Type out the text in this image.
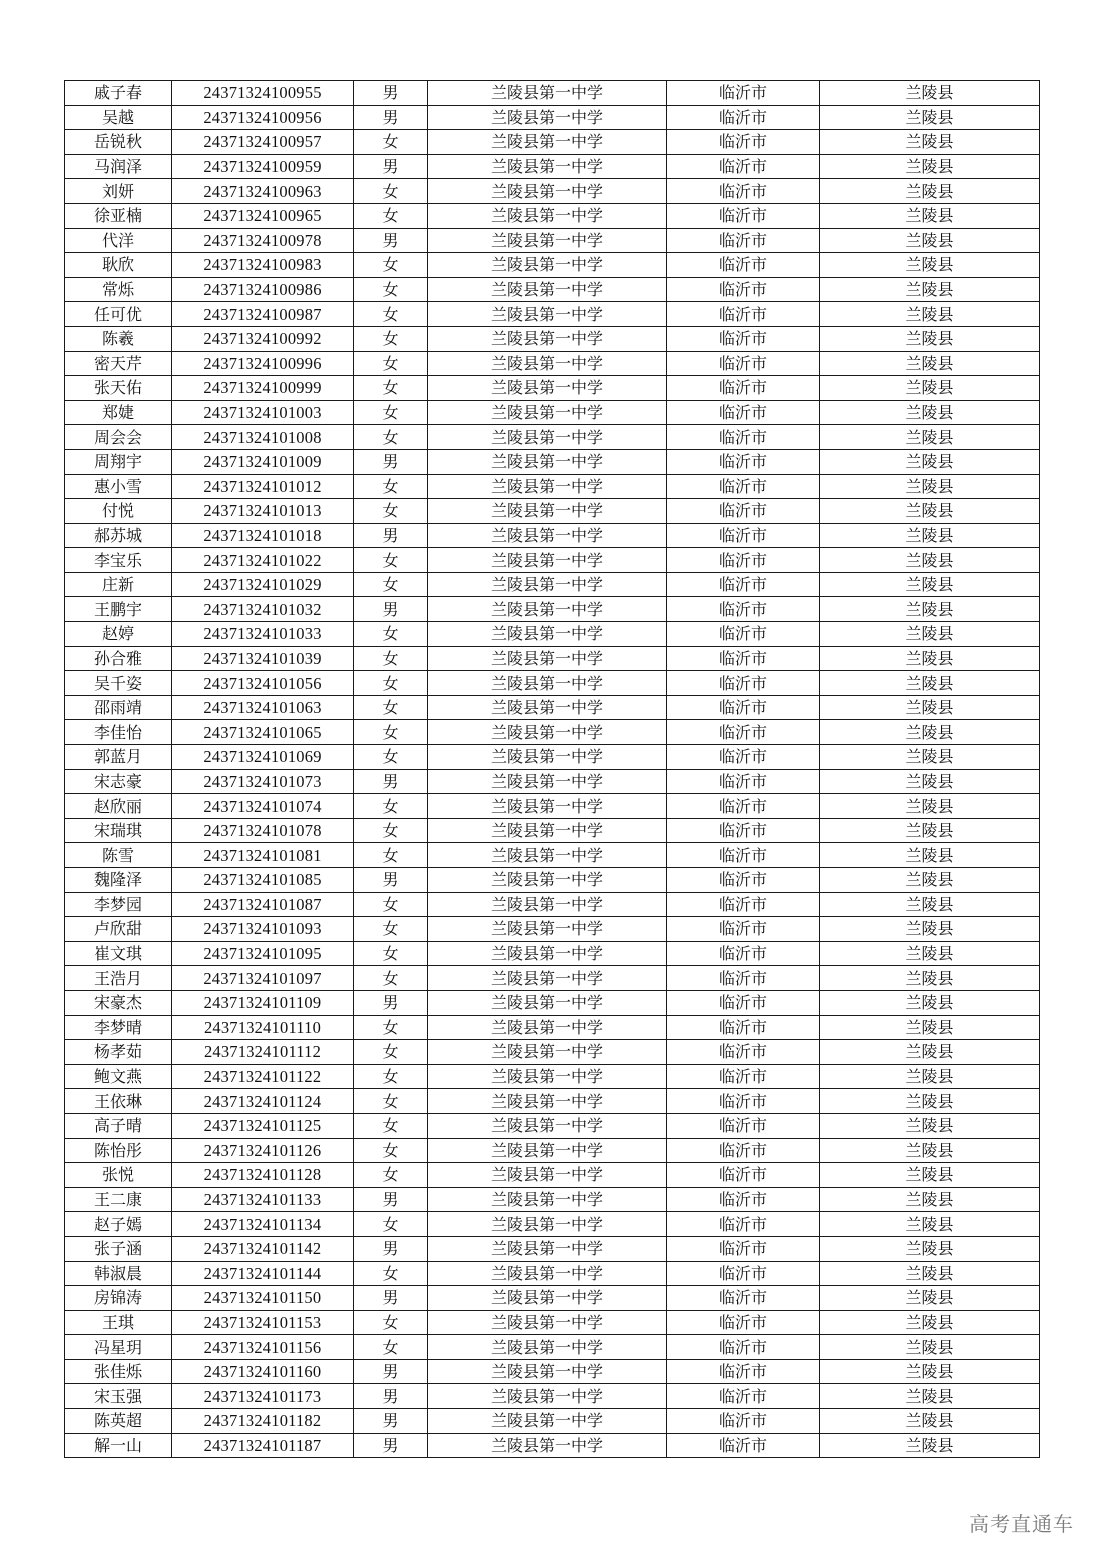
戚子春	24371324100955	男	兰陵县第一中学	临沂市	兰陵县
吴越	24371324100956	男	兰陵县第一中学	临沂市	兰陵县
岳锐秋	24371324100957	女	兰陵县第一中学	临沂市	兰陵县
马润泽	24371324100959	男	兰陵县第一中学	临沂市	兰陵县
刘妍	24371324100963	女	兰陵县第一中学	临沂市	兰陵县
徐亚楠	24371324100965	女	兰陵县第一中学	临沂市	兰陵县
代洋	24371324100978	男	兰陵县第一中学	临沂市	兰陵县
耿欣	24371324100983	女	兰陵县第一中学	临沂市	兰陵县
常烁	24371324100986	女	兰陵县第一中学	临沂市	兰陵县
任可优	24371324100987	女	兰陵县第一中学	临沂市	兰陵县
陈羲	24371324100992	女	兰陵县第一中学	临沂市	兰陵县
密天芹	24371324100996	女	兰陵县第一中学	临沂市	兰陵县
张天佑	24371324100999	女	兰陵县第一中学	临沂市	兰陵县
郑婕	24371324101003	女	兰陵县第一中学	临沂市	兰陵县
周会会	24371324101008	女	兰陵县第一中学	临沂市	兰陵县
周翔宇	24371324101009	男	兰陵县第一中学	临沂市	兰陵县
惠小雪	24371324101012	女	兰陵县第一中学	临沂市	兰陵县
付悦	24371324101013	女	兰陵县第一中学	临沂市	兰陵县
郝苏城	24371324101018	男	兰陵县第一中学	临沂市	兰陵县
李宝乐	24371324101022	女	兰陵县第一中学	临沂市	兰陵县
庄新	24371324101029	女	兰陵县第一中学	临沂市	兰陵县
王鹏宇	24371324101032	男	兰陵县第一中学	临沂市	兰陵县
赵婷	24371324101033	女	兰陵县第一中学	临沂市	兰陵县
孙合雅	24371324101039	女	兰陵县第一中学	临沂市	兰陵县
吴千姿	24371324101056	女	兰陵县第一中学	临沂市	兰陵县
邵雨靖	24371324101063	女	兰陵县第一中学	临沂市	兰陵县
李佳怡	24371324101065	女	兰陵县第一中学	临沂市	兰陵县
郭蓝月	24371324101069	女	兰陵县第一中学	临沂市	兰陵县
宋志豪	24371324101073	男	兰陵县第一中学	临沂市	兰陵县
赵欣丽	24371324101074	女	兰陵县第一中学	临沂市	兰陵县
宋瑞琪	24371324101078	女	兰陵县第一中学	临沂市	兰陵县
陈雪	24371324101081	女	兰陵县第一中学	临沂市	兰陵县
魏隆泽	24371324101085	男	兰陵县第一中学	临沂市	兰陵县
李梦园	24371324101087	女	兰陵县第一中学	临沂市	兰陵县
卢欣甜	24371324101093	女	兰陵县第一中学	临沂市	兰陵县
崔文琪	24371324101095	女	兰陵县第一中学	临沂市	兰陵县
王浩月	24371324101097	女	兰陵县第一中学	临沂市	兰陵县
宋豪杰	24371324101109	男	兰陵县第一中学	临沂市	兰陵县
李梦晴	24371324101110	女	兰陵县第一中学	临沂市	兰陵县
杨孝茹	24371324101112	女	兰陵县第一中学	临沂市	兰陵县
鲍文燕	24371324101122	女	兰陵县第一中学	临沂市	兰陵县
王依琳	24371324101124	女	兰陵县第一中学	临沂市	兰陵县
高子晴	24371324101125	女	兰陵县第一中学	临沂市	兰陵县
陈怡彤	24371324101126	女	兰陵县第一中学	临沂市	兰陵县
张悦	24371324101128	女	兰陵县第一中学	临沂市	兰陵县
王二康	24371324101133	男	兰陵县第一中学	临沂市	兰陵县
赵子嫣	24371324101134	女	兰陵县第一中学	临沂市	兰陵县
张子涵	24371324101142	男	兰陵县第一中学	临沂市	兰陵县
韩淑晨	24371324101144	女	兰陵县第一中学	临沂市	兰陵县
房锦涛	24371324101150	男	兰陵县第一中学	临沂市	兰陵县
王琪	24371324101153	女	兰陵县第一中学	临沂市	兰陵县
冯星玥	24371324101156	女	兰陵县第一中学	临沂市	兰陵县
张佳烁	24371324101160	男	兰陵县第一中学	临沂市	兰陵县
宋玉强	24371324101173	男	兰陵县第一中学	临沂市	兰陵县
陈英超	24371324101182	男	兰陵县第一中学	临沂市	兰陵县
解一山	24371324101187	男	兰陵县第一中学	临沂市	兰陵县
高考直通车
